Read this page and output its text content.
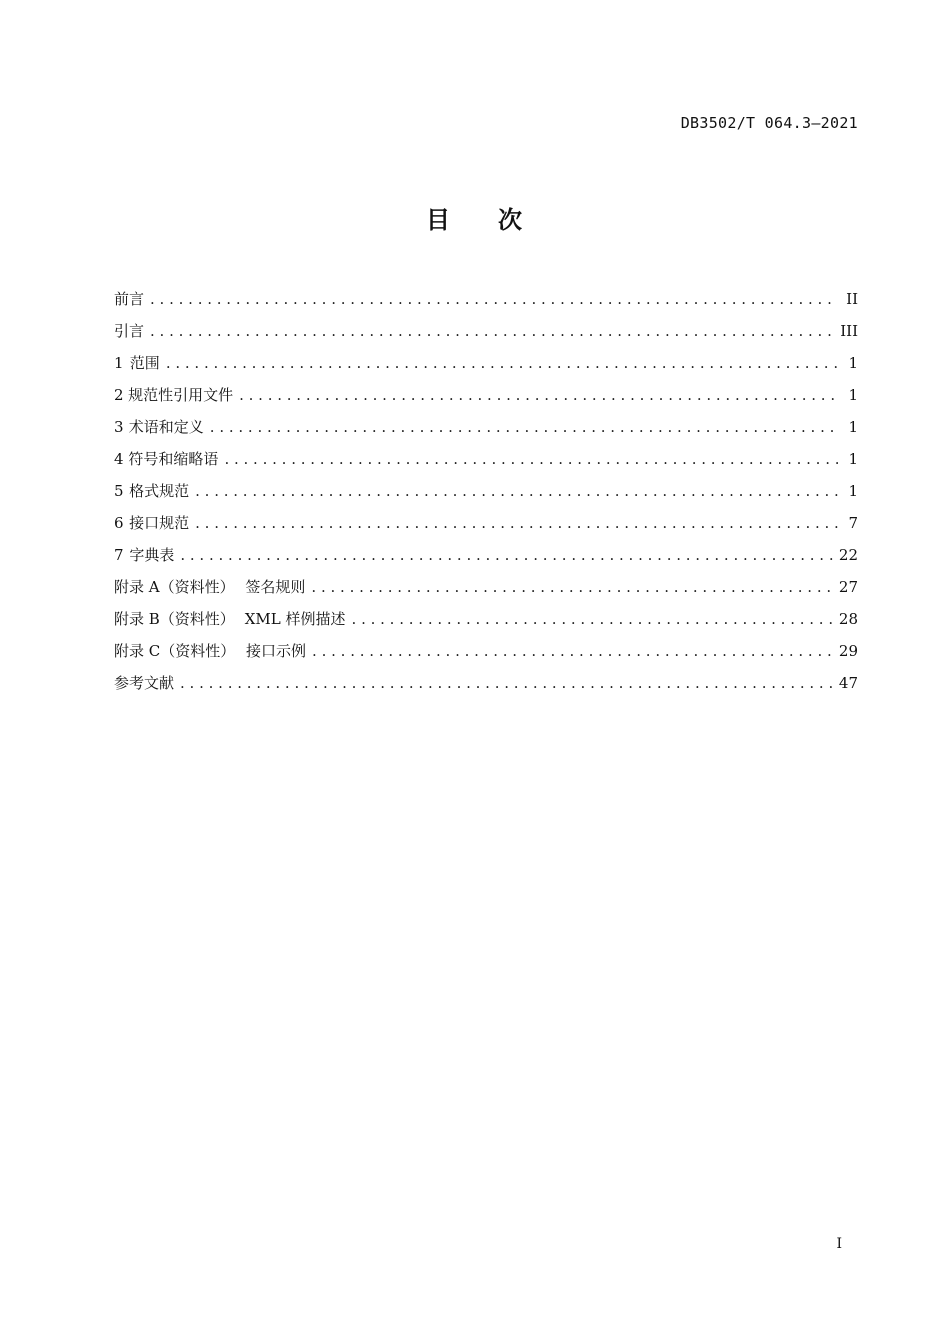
DB3502/T 064.3—2021
目 次
前言 . . .	II
引言 . . .	III
1 范围 . . .	1
2 规范性引用文件 . . .	1
3 术语和定义 . . .	1
4 符号和缩略语 . . .	1
5 格式规范 . . .	1
6 接口规范 . . .	7
7 字典表 . . .	22
附录 A（资料性） 签名规则 . . .	27
附录 B（资料性） XML 样例描述 . . .	28
附录 C（资料性） 接口示例 . . .	29
参考文献 . . .	47
I
